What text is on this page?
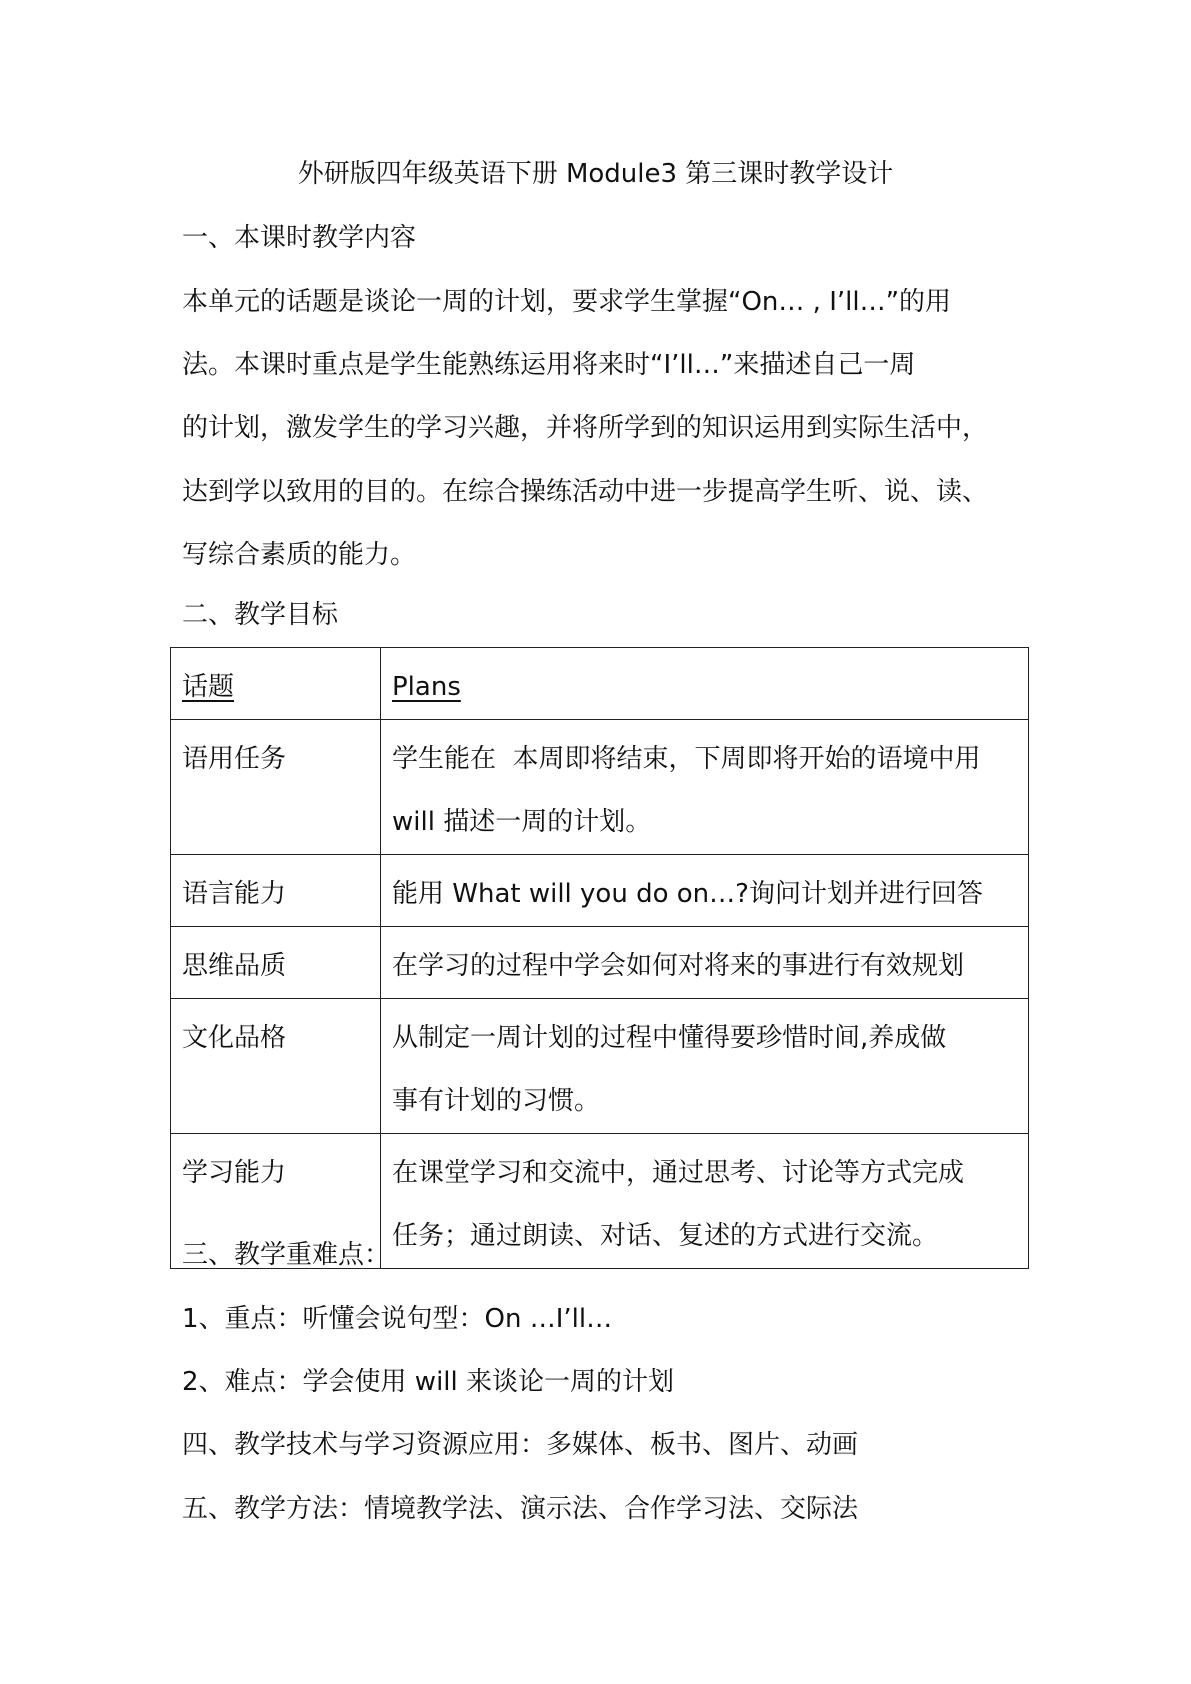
外研版四年级英语下册 Module3 第三课时教学设计
一、本课时教学内容
本单元的话题是谈论一周的计划，要求学生掌握“On… , I’ll…”的用
法。本课时重点是学生能熟练运用将来时“I’ll…”来描述自己一周
的计划，激发学生的学习兴趣，并将所学到的知识运用到实际生活中，
达到学以致用的目的。在综合操练活动中进一步提高学生听、说、读、
写综合素质的能力。
二、教学目标
话题	Plans
语用任务	学生能在  本周即将结束，下周即将开始的语境中用
will 描述一周的计划。

语言能力	能用 What will you do on…?询问计划并进行回答

思维品质	在学习的过程中学会如何对将来的事进行有效规划

文化品格	从制定一周计划的过程中懂得要珍惜时间,养成做
事有计划的习惯。

学习能力	在课堂学习和交流中，通过思考、讨论等方式完成
任务；通过朗读、对话、复述的方式进行交流。
三、教学重难点：
1、重点：听懂会说句型：On …I’ll…
2、难点：学会使用 will 来谈论一周的计划
四、教学技术与学习资源应用：多媒体、板书、图片、动画
五、教学方法：情境教学法、演示法、合作学习法、交际法
